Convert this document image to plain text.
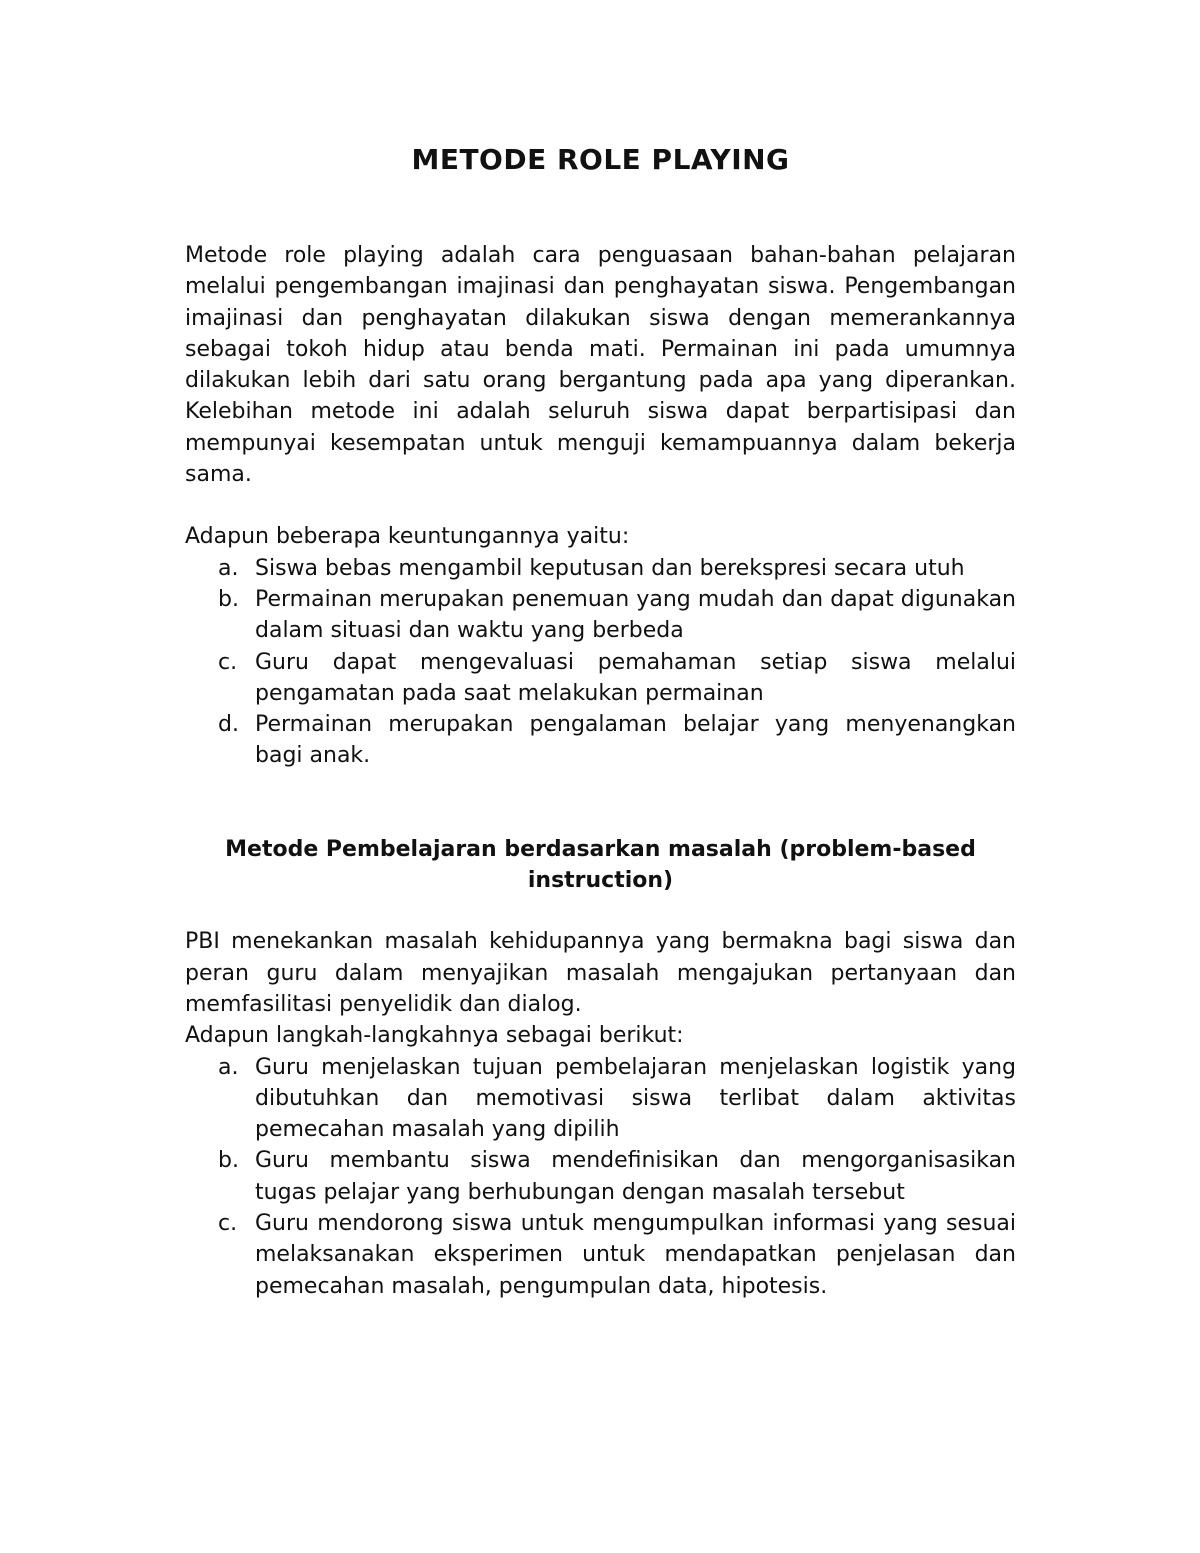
METODE ROLE PLAYING

Metode role playing adalah cara penguasaan bahan-bahan pelajaran melalui pengembangan imajinasi dan penghayatan siswa. Pengembangan imajinasi dan penghayatan dilakukan siswa dengan memerankannya sebagai tokoh hidup atau benda mati. Permainan ini pada umumnya dilakukan lebih dari satu orang bergantung pada apa yang diperankan. Kelebihan metode ini adalah seluruh siswa dapat berpartisipasi dan mempunyai kesempatan untuk menguji kemampuannya dalam bekerja sama.

Adapun beberapa keuntungannya yaitu:

a. Siswa bebas mengambil keputusan dan berekspresi secara utuh
b. Permainan merupakan penemuan yang mudah dan dapat digunakan dalam situasi dan waktu yang berbeda
c. Guru dapat mengevaluasi pemahaman setiap siswa melalui pengamatan pada saat melakukan permainan
d. Permainan merupakan pengalaman belajar yang menyenangkan bagi anak.
Metode Pembelajaran berdasarkan masalah (problem-based instruction)

PBI menekankan masalah kehidupannya yang bermakna bagi siswa dan peran guru dalam menyajikan masalah mengajukan pertanyaan dan memfasilitasi penyelidik dan dialog.

Adapun langkah-langkahnya sebagai berikut:

a. Guru menjelaskan tujuan pembelajaran menjelaskan logistik yang dibutuhkan dan memotivasi siswa terlibat dalam aktivitas pemecahan masalah yang dipilih
b. Guru membantu siswa mendefinisikan dan mengorganisasikan tugas pelajar yang berhubungan dengan masalah tersebut
c. Guru mendorong siswa untuk mengumpulkan informasi yang sesuai melaksanakan eksperimen untuk mendapatkan penjelasan dan pemecahan masalah, pengumpulan data, hipotesis.
